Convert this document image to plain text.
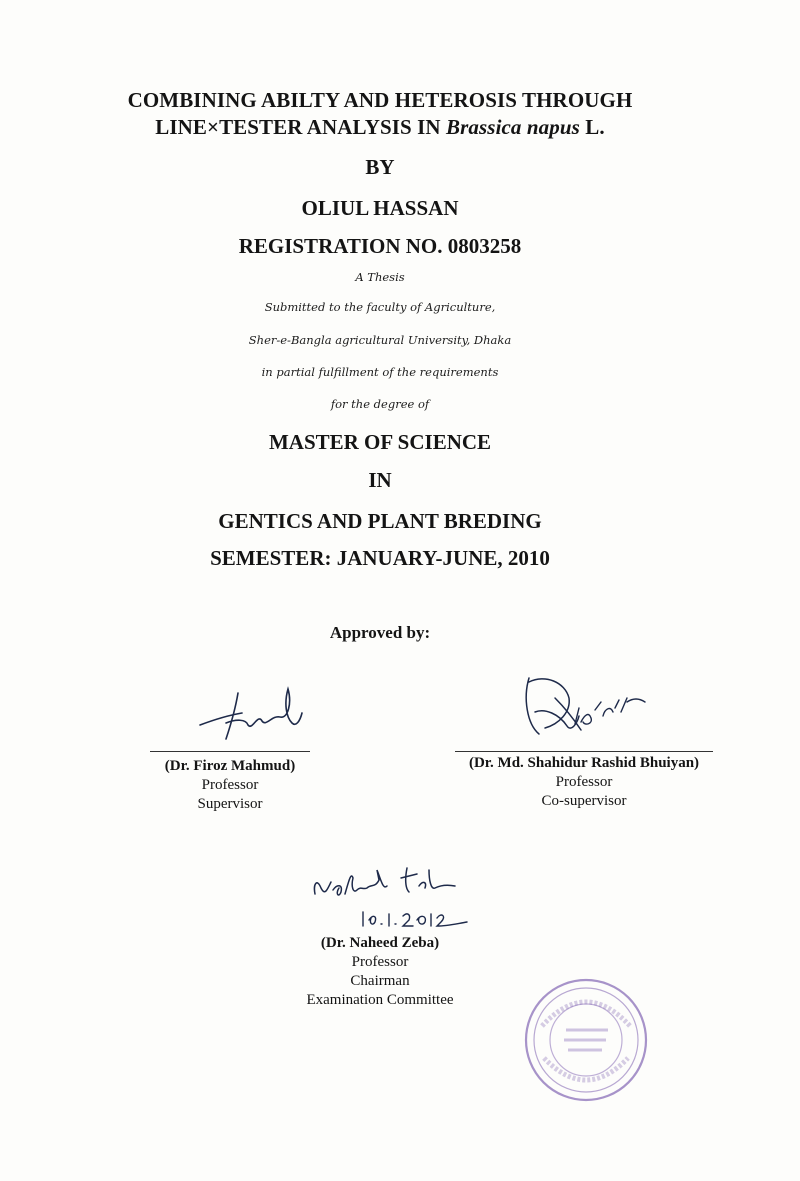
COMBINING ABILTY AND HETEROSIS THROUGH
LINE×TESTER ANALYSIS IN Brassica napus L.
BY
OLIUL HASSAN
REGISTRATION NO. 0803258
A Thesis
Submitted to the faculty of Agriculture,
Sher-e-Bangla agricultural University, Dhaka
in partial fulfillment of the requirements
for the degree of
MASTER OF SCIENCE
IN
GENTICS AND PLANT BREDING
SEMESTER: JANUARY-JUNE, 2010
Approved by:
(Dr. Firoz Mahmud)
Professor
Supervisor
(Dr. Md. Shahidur Rashid Bhuiyan)
Professor
Co-supervisor
(Dr. Naheed Zeba)
Professor
Chairman
Examination Committee
